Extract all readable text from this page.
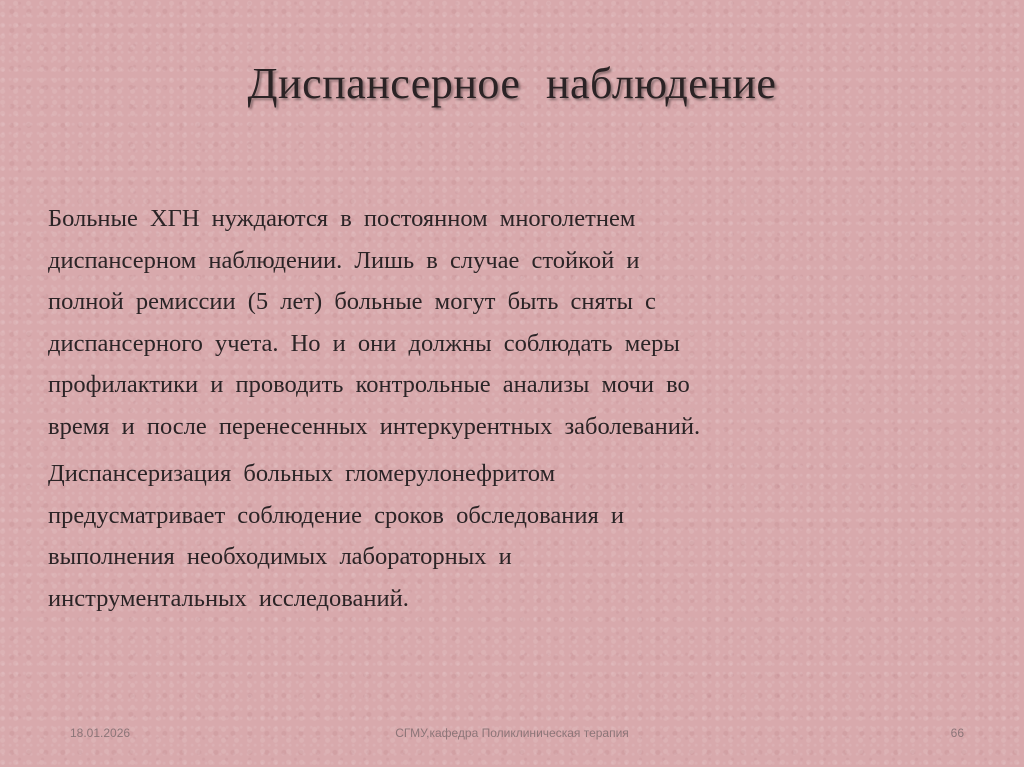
Диспансерное наблюдение

Больные ХГН нуждаются в постоянном многолетнем
диспансерном наблюдении. Лишь в случае стойкой и
полной ремиссии (5 лет) больные могут быть сняты с
диспансерного учета. Но и они должны соблюдать меры
профилактики и проводить контрольные анализы мочи во
время и после перенесенных интеркурентных заболеваний.

Диспансеризация больных гломерулонефритом
предусматривает соблюдение сроков обследования и
выполнения необходимых лабораторных и
инструментальных исследований.

18.01.2026	СГМУ,кафедра Поликлиническая терапия	66
